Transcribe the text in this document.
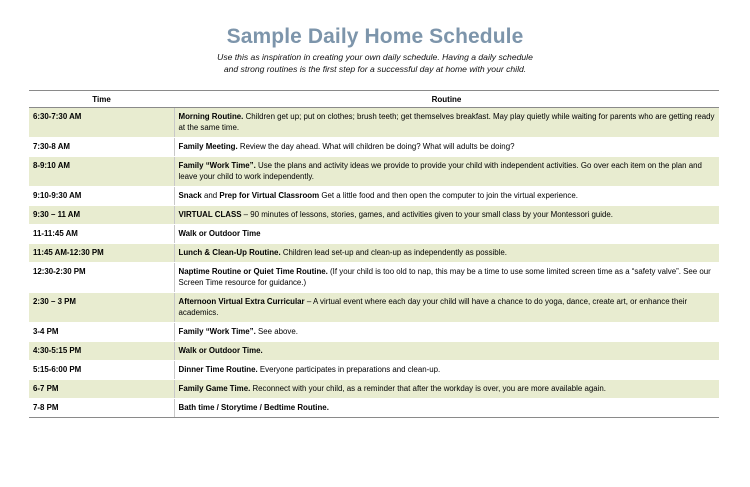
Sample Daily Home Schedule
Use this as inspiration in creating your own daily schedule. Having a daily schedule
and strong routines is the first step for a successful day at home with your child.
Time	Routine
6:30-7:30 AM	Morning Routine. Children get up; put on clothes; brush teeth; get themselves breakfast. May play quietly while waiting for parents who are getting ready at the same time.
7:30-8 AM	Family Meeting. Review the day ahead. What will children be doing? What will adults be doing?
8-9:10 AM	Family “Work Time”. Use the plans and activity ideas we provide to provide your child with independent activities. Go over each item on the plan and leave your child to work independently.
9:10-9:30 AM	Snack and Prep for Virtual Classroom Get a little food and then open the computer to join the virtual experience.
9:30 – 11 AM	VIRTUAL CLASS – 90 minutes of lessons, stories, games, and activities given to your small class by your Montessori guide.
11-11:45 AM	Walk or Outdoor Time
11:45 AM-12:30 PM	Lunch & Clean-Up Routine. Children lead set-up and clean-up as independently as possible.
12:30-2:30 PM	Naptime Routine or Quiet Time Routine. (If your child is too old to nap, this may be a time to use some limited screen time as a “safety valve”. See our Screen Time resource for guidance.)
2:30 – 3 PM	Afternoon Virtual Extra Curricular – A virtual event where each day your child will have a chance to do yoga, dance, create art, or enhance their academics.
3-4 PM	Family “Work Time”. See above.
4:30-5:15 PM	Walk or Outdoor Time.
5:15-6:00 PM	Dinner Time Routine. Everyone participates in preparations and clean-up.
6-7 PM	Family Game Time. Reconnect with your child, as a reminder that after the workday is over, you are more available again.
7-8 PM	Bath time / Storytime / Bedtime Routine.
